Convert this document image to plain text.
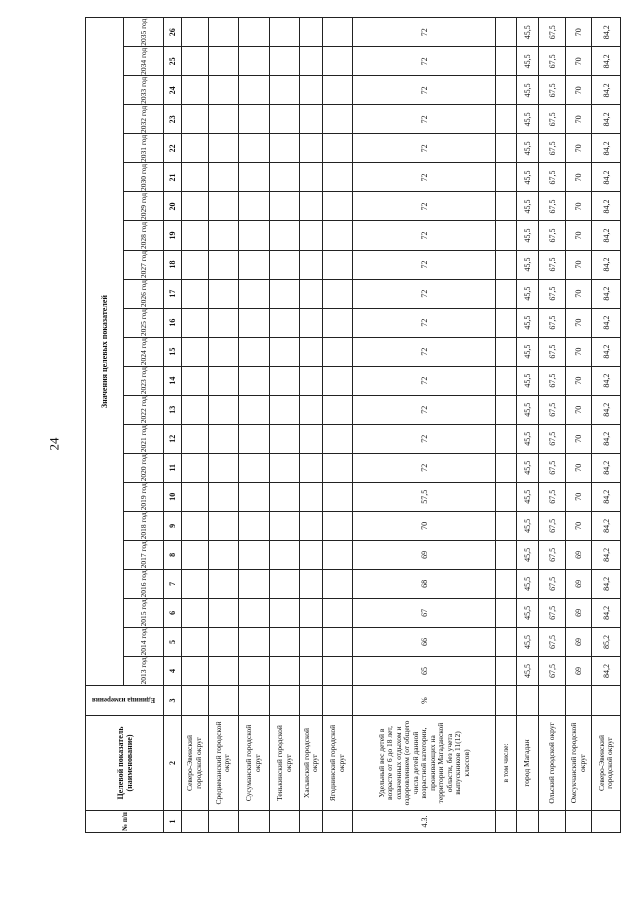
24
№ п/п	Целевой показатель (наименование)	Единица измерения	Значения целевых показателей																						
			2013 год	2014 год	2015 год	2016 год	2017 год	2018 год	2019 год	2020 год	2021 год	2022 год	2023 год	2024 год	2025 год	2026 год	2027 год	2028 год	2029 год	2030 год	2031 год	2032 год	2033 год	2034 год	2035 год
1	2	3	4	5	6	7	8	9	10	11	12	13	14	15	16	17	18	19	20	21	22	23	24	25	26
	Северо-Эвенский городской округ																								
	Среднеканский городской округ																								
	Сусуманский городской округ																								
	Тенькинский городской округ																								
	Хасынский городской округ																								
	Ягоднинский городской округ																								
4.3.	Удельный вес детей в возрасте от 6 до 18 лет, охваченных отдыхом и оздоровлением (от общего числа детей данной возрастной категории, проживающих на территории Магаданской области, без учета выпускников 11(12) классов)	%	65	66	67	68	69	70	57,5	72	72	72	72	72	72	72	72	72	72	72	72	72	72	72	72
	в том числе:																								
	город Магадан		45,5	45,5	45,5	45,5	45,5	45,5	45,5	45,5	45,5	45,5	45,5	45,5	45,5	45,5	45,5	45,5	45,5	45,5	45,5	45,5	45,5	45,5	45,5
	Ольский городской округ		67,5	67,5	67,5	67,5	67,5	67,5	67,5	67,5	67,5	67,5	67,5	67,5	67,5	67,5	67,5	67,5	67,5	67,5	67,5	67,5	67,5	67,5	67,5
	Омсукчанский городской округ		69	69	69	69	69	70	70	70	70	70	70	70	70	70	70	70	70	70	70	70	70	70	70
	Северо-Эвенский городской округ		84,2	85,2	84,2	84,2	84,2	84,2	84,2	84,2	84,2	84,2	84,2	84,2	84,2	84,2	84,2	84,2	84,2	84,2	84,2	84,2	84,2	84,2	84,2
